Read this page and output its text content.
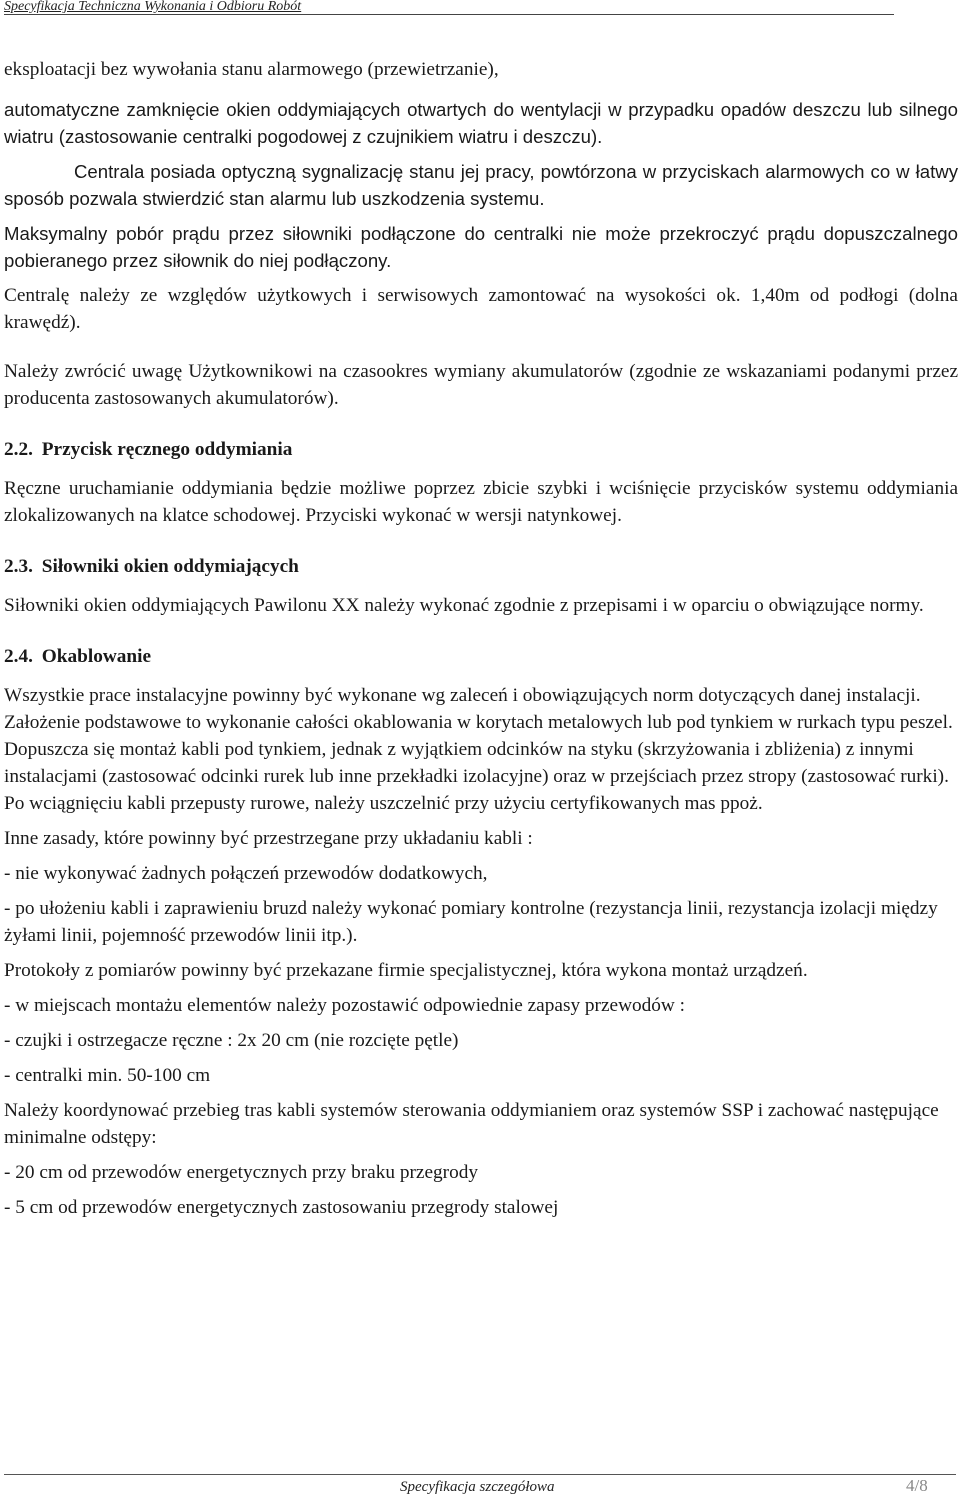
Specyfikacja Techniczna Wykonania i Odbioru Robót

eksploatacji bez wywołania stanu alarmowego (przewietrzanie),

automatyczne zamknięcie okien oddymiających otwartych do wentylacji w przypadku opadów deszczu lub silnego wiatru (zastosowanie centralki pogodowej z czujnikiem wiatru i deszczu).

Centrala posiada optyczną sygnalizację stanu jej pracy, powtórzona w przyciskach alarmowych co w łatwy sposób pozwala stwierdzić stan alarmu lub uszkodzenia systemu.

Maksymalny pobór prądu przez siłowniki podłączone do centralki nie może przekroczyć prądu dopuszczalnego pobieranego przez siłownik do niej podłączony.

Centralę należy ze względów użytkowych i serwisowych zamontować na wysokości ok. 1,40m od podłogi (dolna krawędź).

Należy zwrócić uwagę Użytkownikowi na czasookres wymiany akumulatorów (zgodnie ze wskazaniami podanymi przez producenta zastosowanych akumulatorów).

2.2. Przycisk ręcznego oddymiania

Ręczne uruchamianie oddymiania będzie możliwe poprzez zbicie szybki i wciśnięcie przycisków systemu oddymiania zlokalizowanych na klatce schodowej. Przyciski wykonać w wersji natynkowej.

2.3. Siłowniki okien oddymiających

Siłowniki okien oddymiających Pawilonu XX należy wykonać zgodnie z przepisami i w oparciu o obwiązujące normy.

2.4. Okablowanie

Wszystkie prace instalacyjne powinny być wykonane wg zaleceń i obowiązujących norm dotyczących danej instalacji. Założenie podstawowe to wykonanie całości okablowania w korytach metalowych lub pod tynkiem w rurkach typu peszel. Dopuszcza się montaż kabli pod tynkiem, jednak z wyjątkiem odcinków na styku (skrzyżowania i zbliżenia) z innymi instalacjami (zastosować odcinki rurek lub inne przekładki izolacyjne) oraz w przejściach przez stropy (zastosować rurki). Po wciągnięciu kabli przepusty rurowe, należy uszczelnić przy użyciu certyfikowanych mas ppoż.

Inne zasady, które powinny być przestrzegane przy układaniu kabli :

- nie wykonywać żadnych połączeń przewodów dodatkowych,

- po ułożeniu kabli i zaprawieniu bruzd należy wykonać pomiary kontrolne (rezystancja linii, rezystancja izolacji między żyłami linii, pojemność przewodów linii itp.).

Protokoły z pomiarów powinny być przekazane firmie specjalistycznej, która wykona montaż urządzeń.

- w miejscach montażu elementów należy pozostawić odpowiednie zapasy przewodów :

- czujki i ostrzegacze ręczne : 2x 20 cm (nie rozcięte pętle)

- centralki min. 50-100 cm

Należy koordynować przebieg tras kabli systemów sterowania oddymianiem oraz systemów SSP i zachować następujące minimalne odstępy:

- 20 cm od przewodów energetycznych przy braku przegrody

- 5 cm od przewodów energetycznych zastosowaniu przegrody stalowej

Specyfikacja szczegółowa	4/8
